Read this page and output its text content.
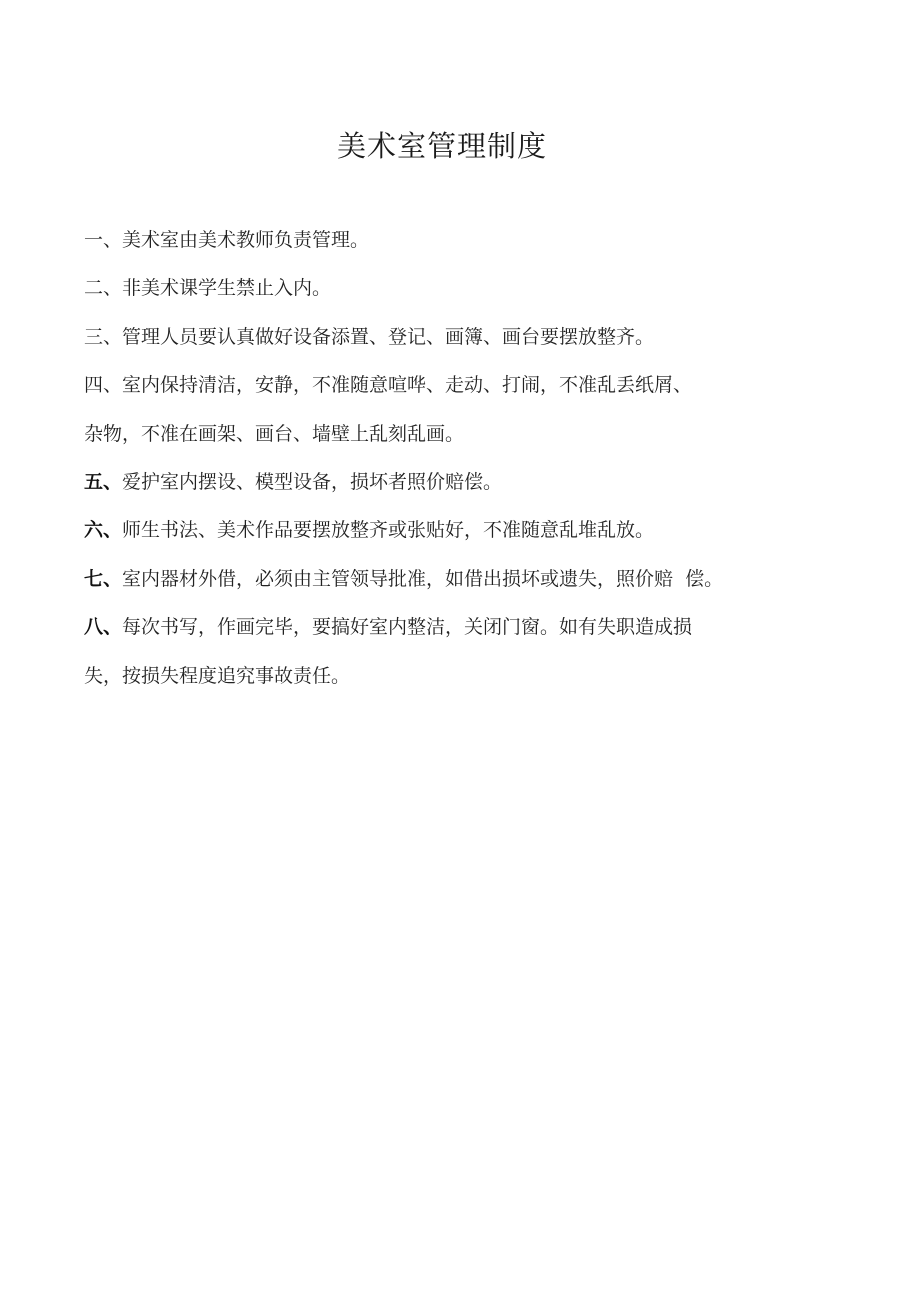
美术室管理制度
一、美术室由美术教师负责管理。
二、非美术课学生禁止入内。
三、管理人员要认真做好设备添置、登记、画簿、画台要摆放整齐。
四、室内保持清洁，安静，不准随意喧哗、走动、打闹，不准乱丢纸屑、
杂物，不准在画架、画台、墙壁上乱刻乱画。
五、爱护室内摆设、模型设备，损坏者照价赔偿。
六、师生书法、美术作品要摆放整齐或张贴好，不准随意乱堆乱放。
七、室内器材外借，必须由主管领导批准，如借出损坏或遗失，照价赔  偿。
八、每次书写，作画完毕，要搞好室内整洁，关闭门窗。如有失职造成损
失，按损失程度追究事故责任。
